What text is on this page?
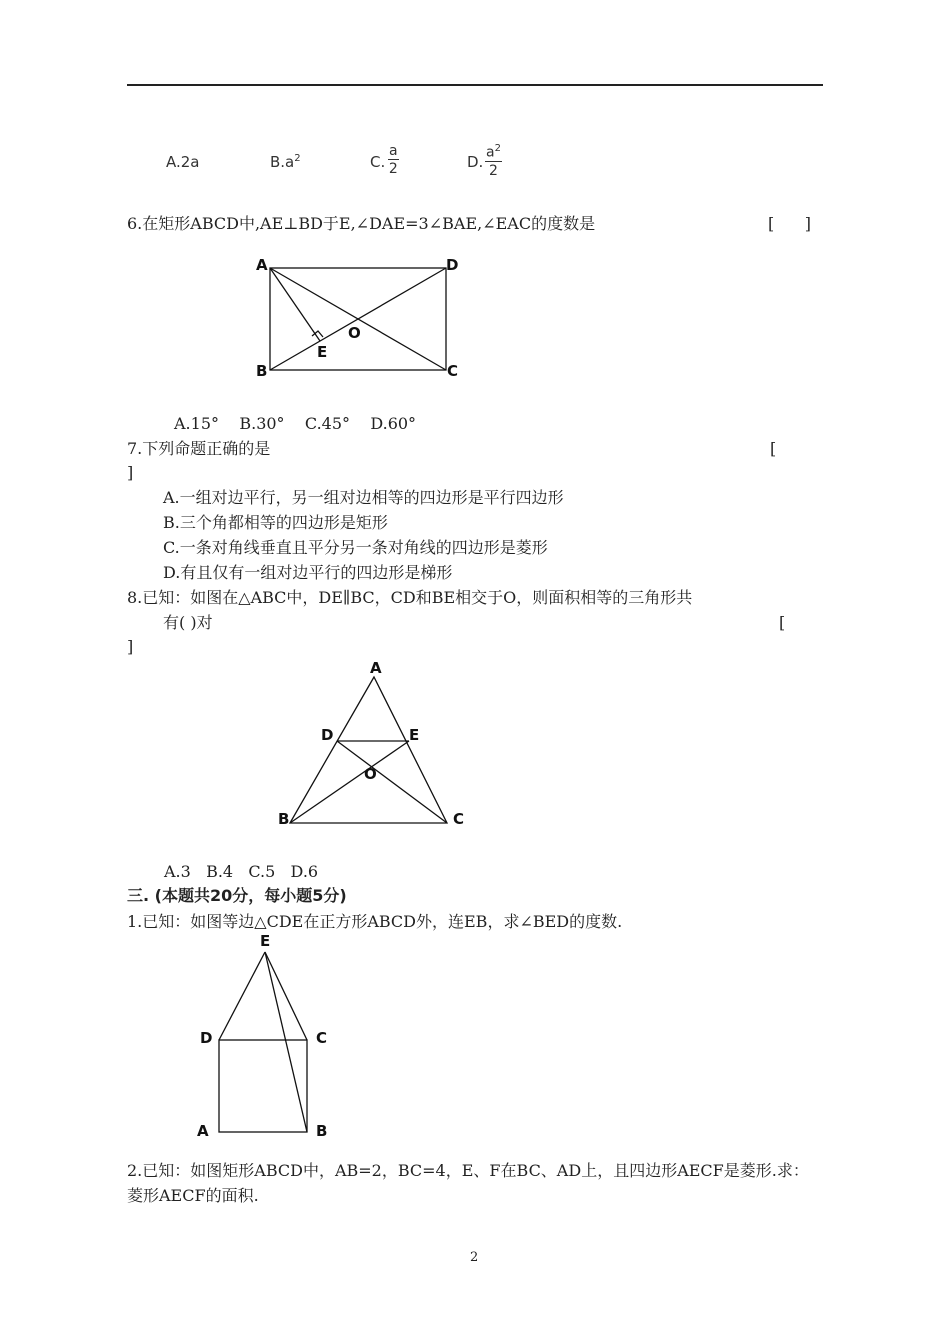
A.2a	$B.a^2$	C. $\frac{a}{2}$	D. $\frac{a^2}{2}$
6.在矩形ABCD中,AE⊥BD于E,∠DAE=3∠BAE,∠EAC的度数是	[      ]
A	D
B	C
E
O
A.15°    B.30°    C.45°    D.60°
7.下列命题正确的是	[
]
A.一组对边平行，另一组对边相等的四边形是平行四边形
B.三个角都相等的四边形是矩形
C.一条对角线垂直且平分另一条对角线的四边形是菱形
D.有且仅有一组对边平行的四边形是梯形
8.已知：如图在△ABC中，DE∥BC，CD和BE相交于O，则面积相等的三角形共
有( )对	[
]
A
D	E
O
B	C
A.3   B.4   C.5   D.6
三. (本题共20分，每小题5分)
1.已知：如图等边△CDE在正方形ABCD外，连EB，求∠BED的度数.
E
D	C
A	B
2.已知：如图矩形ABCD中，AB=2，BC=4，E、F在BC、AD上，且四边形AECF是菱形.求：
菱形AECF的面积.
2
